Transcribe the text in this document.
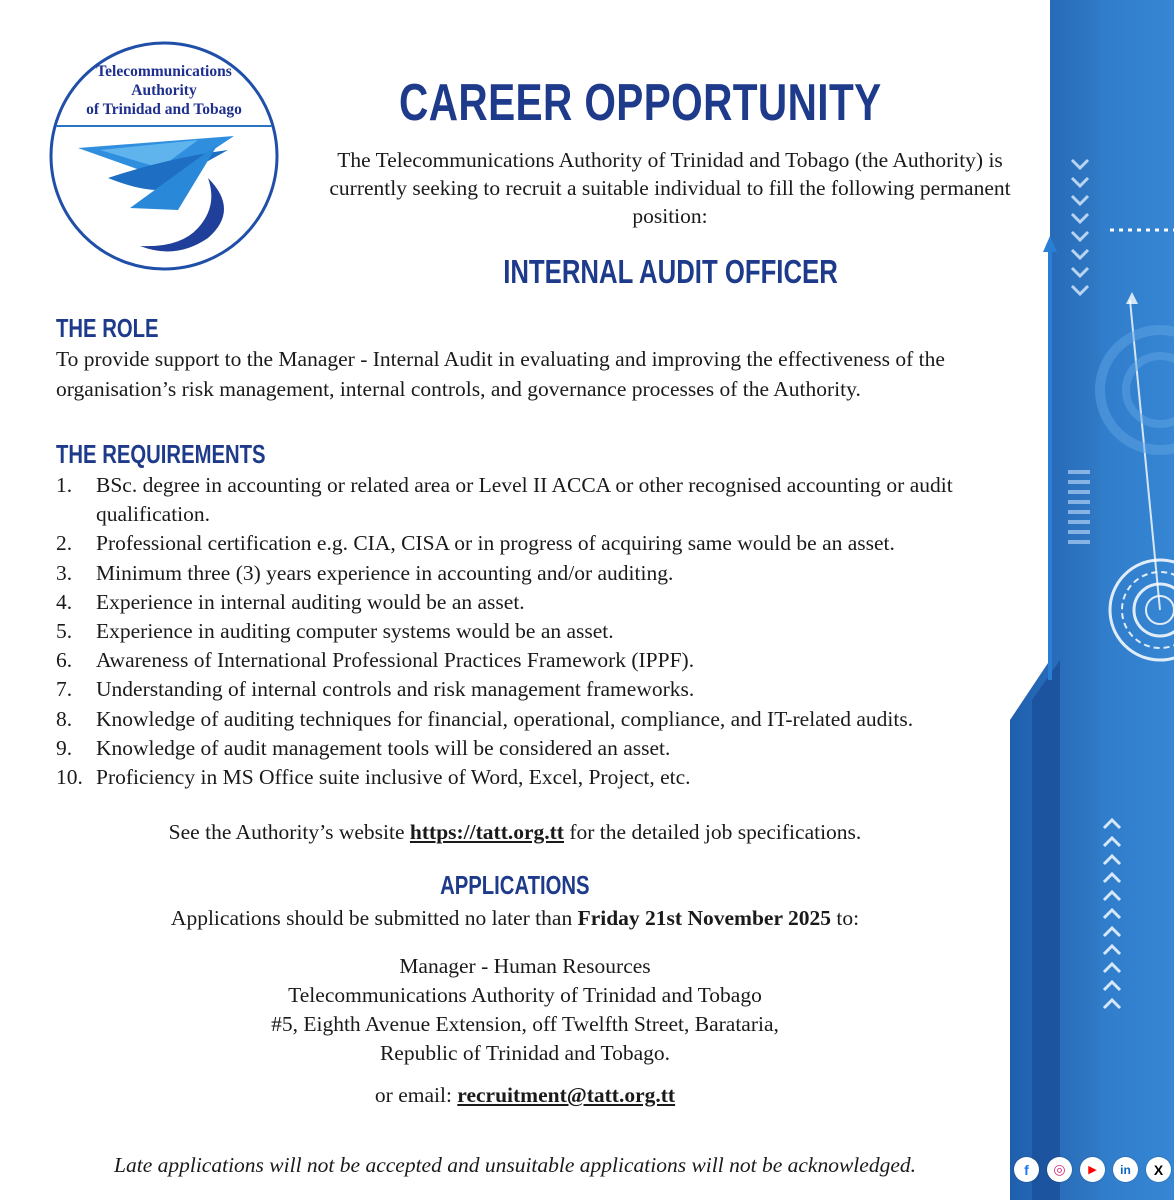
Telecommunications
Authority
of Trinidad and Tobago	CAREER OPPORTUNITY
The Telecommunications Authority of Trinidad and Tobago (the Authority) is currently seeking to recruit a suitable individual to fill the following permanent position:
INTERNAL AUDIT OFFICER
THE ROLE
To provide support to the Manager - Internal Audit in evaluating and improving the effectiveness of the organisation’s risk management, internal controls, and governance processes of the Authority.
THE REQUIREMENTS
1.	BSc. degree in accounting or related area or Level II ACCA or other recognised accounting or audit qualification.
2.	Professional certification e.g. CIA, CISA or in progress of acquiring same would be an asset.
3.	Minimum three (3) years experience in accounting and/or auditing.
4.	Experience in internal auditing would be an asset.
5.	Experience in auditing computer systems would be an asset.
6.	Awareness of International Professional Practices Framework (IPPF).
7.	Understanding of internal controls and risk management frameworks.
8.	Knowledge of auditing techniques for financial, operational, compliance, and IT-related audits.
9.	Knowledge of audit management tools will be considered an asset.
10. Proficiency in MS Office suite inclusive of Word, Excel, Project, etc.
See the Authority’s website https://tatt.org.tt for the detailed job specifications.
APPLICATIONS
Applications should be submitted no later than Friday 21st November 2025 to:
Manager - Human Resources
Telecommunications Authority of Trinidad and Tobago
#5, Eighth Avenue Extension, off Twelfth Street, Barataria,
Republic of Trinidad and Tobago.
or email: recruitment@tatt.org.tt
Late applications will not be accepted and unsuitable applications will not be acknowledged.	f	◎	▶	in	X
